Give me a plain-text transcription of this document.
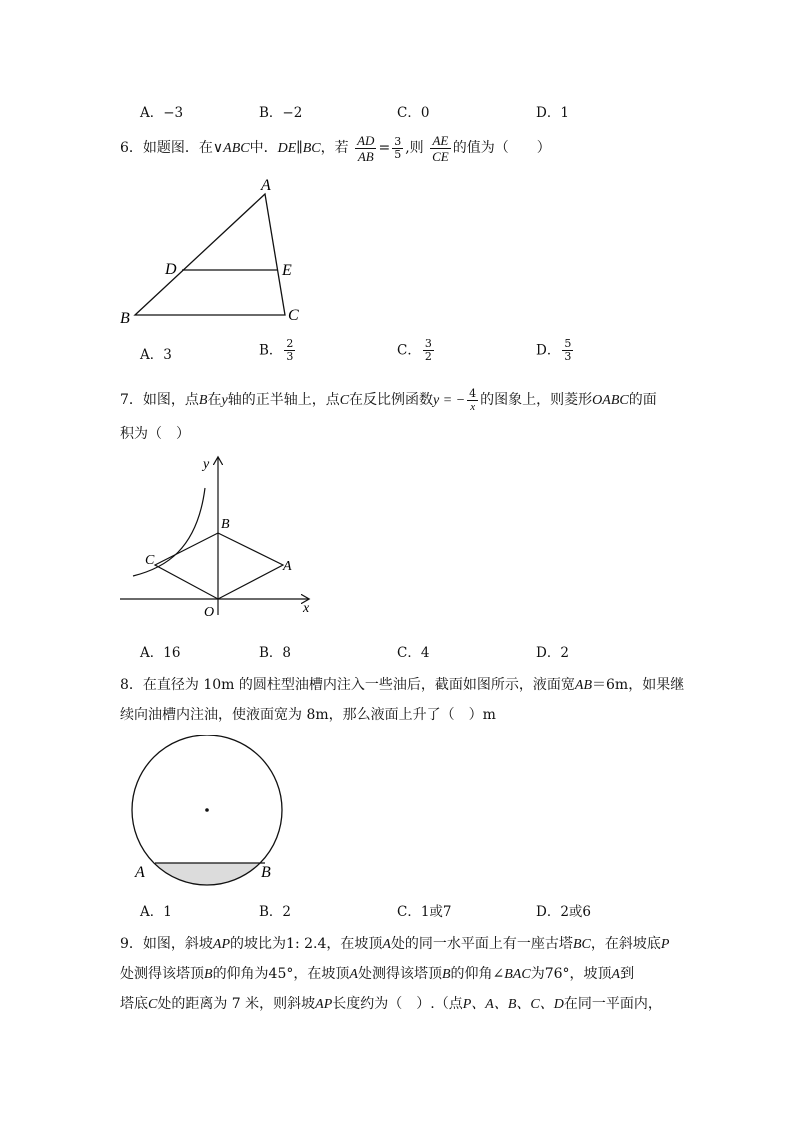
A．−3	B．−2	C．0	D．1
6．如题图．在∨ABC中．DE∥BC，若 $\frac{AD}{AB} = \frac{3}{5}$ ,则 $\frac{AE}{CE}$ 的值为（　　）
A
D	E
B	C
A．3	B． $\frac{2}{3}$	C． $\frac{3}{2}$	D． $\frac{5}{3}$
7．如图，点B在y轴的正半轴上，点C在反比例函数y = − $\frac{4}{x}$ 的图象上，则菱形OABC的面
积为（　）
y
x
O
B
A
C
A．16	B．8	C．4	D．2
8．在直径为 10m 的圆柱型油槽内注入一些油后，截面如图所示，液面宽AB＝6m，如果继
续向油槽内注油，使液面宽为 8m，那么液面上升了（　）m
A	B
A．1	B．2	C．1或7	D．2或6
9．如图，斜坡AP的坡比为1: 2.4，在坡顶A处的同一水平面上有一座古塔BC，在斜坡底P
处测得该塔顶B的仰角为45°，在坡顶A处测得该塔顶B的仰角∠BAC为76°，坡顶A到
塔底C处的距离为 7 米，则斜坡AP长度约为（　）.（点P、A、B、C、D在同一平面内，
